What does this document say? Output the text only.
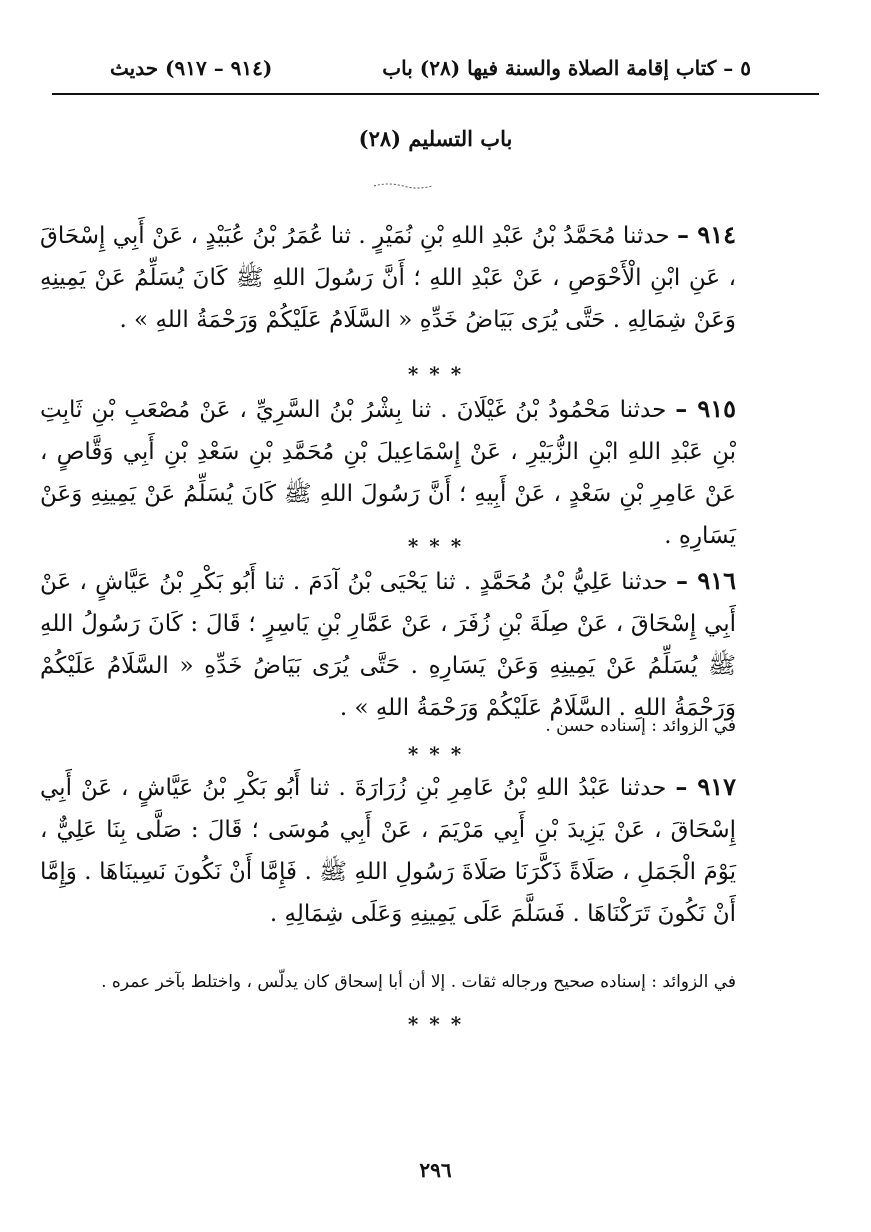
٥ – كتاب إقامة الصلاة والسنة فيها (٢٨) باب
(٩١٤ – ٩١٧) حديث
(٢٨) باب التسليم
٩١٤ – حدثنا مُحَمَّدُ بْنُ عَبْدِ اللهِ بْنِ نُمَيْرٍ . ثنا عُمَرُ بْنُ عُبَيْدٍ ، عَنْ أَبِي إِسْحَاقَ ، عَنِ ابْنِ الْأَحْوَصِ ، عَنْ عَبْدِ اللهِ ؛ أَنَّ رَسُولَ اللهِ ﷺ كَانَ يُسَلِّمُ عَنْ يَمِينِهِ وَعَنْ شِمَالِهِ . حَتَّى يُرَى بَيَاضُ خَدِّهِ « السَّلَامُ عَلَيْكُمْ وَرَحْمَةُ اللهِ » .
* * *
٩١٥ – حدثنا مَحْمُودُ بْنُ غَيْلَانَ . ثنا بِشْرُ بْنُ السَّرِيِّ ، عَنْ مُصْعَبِ بْنِ ثَابِتِ بْنِ عَبْدِ اللهِ ابْنِ الزُّبَيْرِ ، عَنْ إِسْمَاعِيلَ بْنِ مُحَمَّدِ بْنِ سَعْدِ بْنِ أَبِي وَقَّاصٍ ، عَنْ عَامِرِ بْنِ سَعْدٍ ، عَنْ أَبِيهِ ؛ أَنَّ رَسُولَ اللهِ ﷺ كَانَ يُسَلِّمُ عَنْ يَمِينِهِ وَعَنْ يَسَارِهِ .
* * *
٩١٦ – حدثنا عَلِيُّ بْنُ مُحَمَّدٍ . ثنا يَحْيَى بْنُ آدَمَ . ثنا أَبُو بَكْرِ بْنُ عَيَّاشٍ ، عَنْ أَبِي إِسْحَاقَ ، عَنْ صِلَةَ بْنِ زُفَرَ ، عَنْ عَمَّارِ بْنِ يَاسِرٍ ؛ قَالَ : كَانَ رَسُولُ اللهِ ﷺ يُسَلِّمُ عَنْ يَمِينِهِ وَعَنْ يَسَارِهِ . حَتَّى يُرَى بَيَاضُ خَدِّهِ « السَّلَامُ عَلَيْكُمْ وَرَحْمَةُ اللهِ . السَّلَامُ عَلَيْكُمْ وَرَحْمَةُ اللهِ » .
في الزوائد : إسناده حسن .
* * *
٩١٧ – حدثنا عَبْدُ اللهِ بْنُ عَامِرِ بْنِ زُرَارَةَ . ثنا أَبُو بَكْرِ بْنُ عَيَّاشٍ ، عَنْ أَبِي إِسْحَاقَ ، عَنْ يَزِيدَ بْنِ أَبِي مَرْيَمَ ، عَنْ أَبِي مُوسَى ؛ قَالَ : صَلَّى بِنَا عَلِيٌّ ، يَوْمَ الْجَمَلِ ، صَلَاةً ذَكَّرَنَا صَلَاةَ رَسُولِ اللهِ ﷺ . فَإِمَّا أَنْ نَكُونَ نَسِينَاهَا . وَإِمَّا أَنْ نَكُونَ تَرَكْنَاهَا . فَسَلَّمَ عَلَى يَمِينِهِ وَعَلَى شِمَالِهِ .
في الزوائد : إسناده صحيح ورجاله ثقات . إلا أن أبا إسحاق كان يدلّس ، واختلط بآخر عمره .
* * *
٢٩٦
